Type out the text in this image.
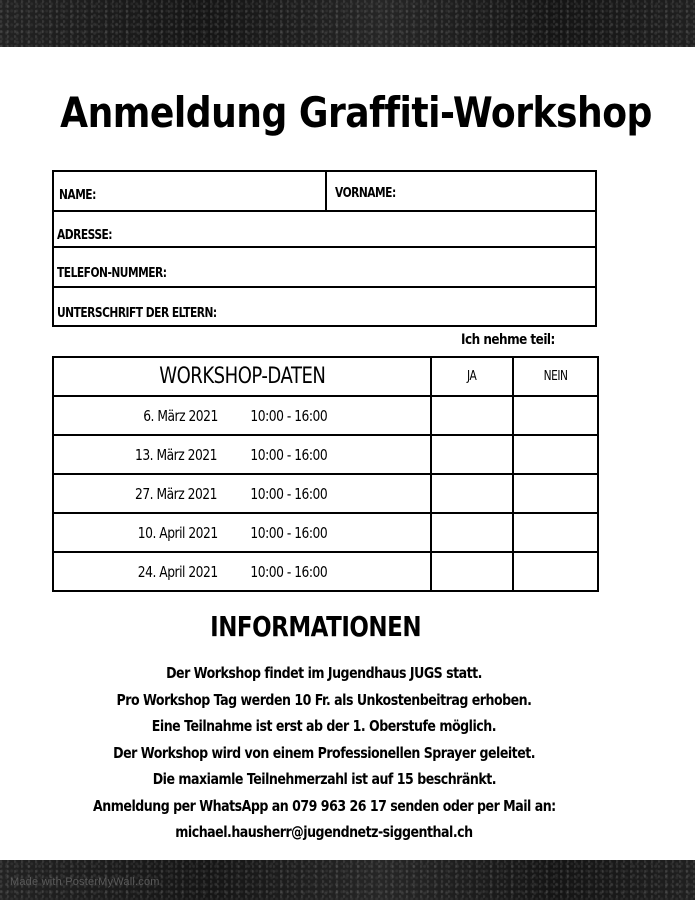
Anmeldung Graffiti-Workshop
NAME:	VORNAME:
ADRESSE:
TELEFON-NUMMER:
UNTERSCHRIFT DER ELTERN:
Ich nehme teil:
WORKSHOP-DATEN	JA	NEIN
6. März 2021 10:00 - 16:00		
13. März 2021 10:00 - 16:00		
27. März 2021 10:00 - 16:00		
10. April 2021 10:00 - 16:00		
24. April 2021 10:00 - 16:00		
INFORMATIONEN
Der Workshop findet im Jugendhaus JUGS statt.
Pro Workshop Tag werden 10 Fr. als Unkostenbeitrag erhoben.
Eine Teilnahme ist erst ab der 1. Oberstufe möglich.
Der Workshop wird von einem Professionellen Sprayer geleitet.
Die maxiamle Teilnehmerzahl ist auf 15 beschränkt.
Anmeldung per WhatsApp an 079 963 26 17 senden oder per Mail an:
michael.hausherr@jugendnetz-siggenthal.ch
Made with PosterMyWall.com
